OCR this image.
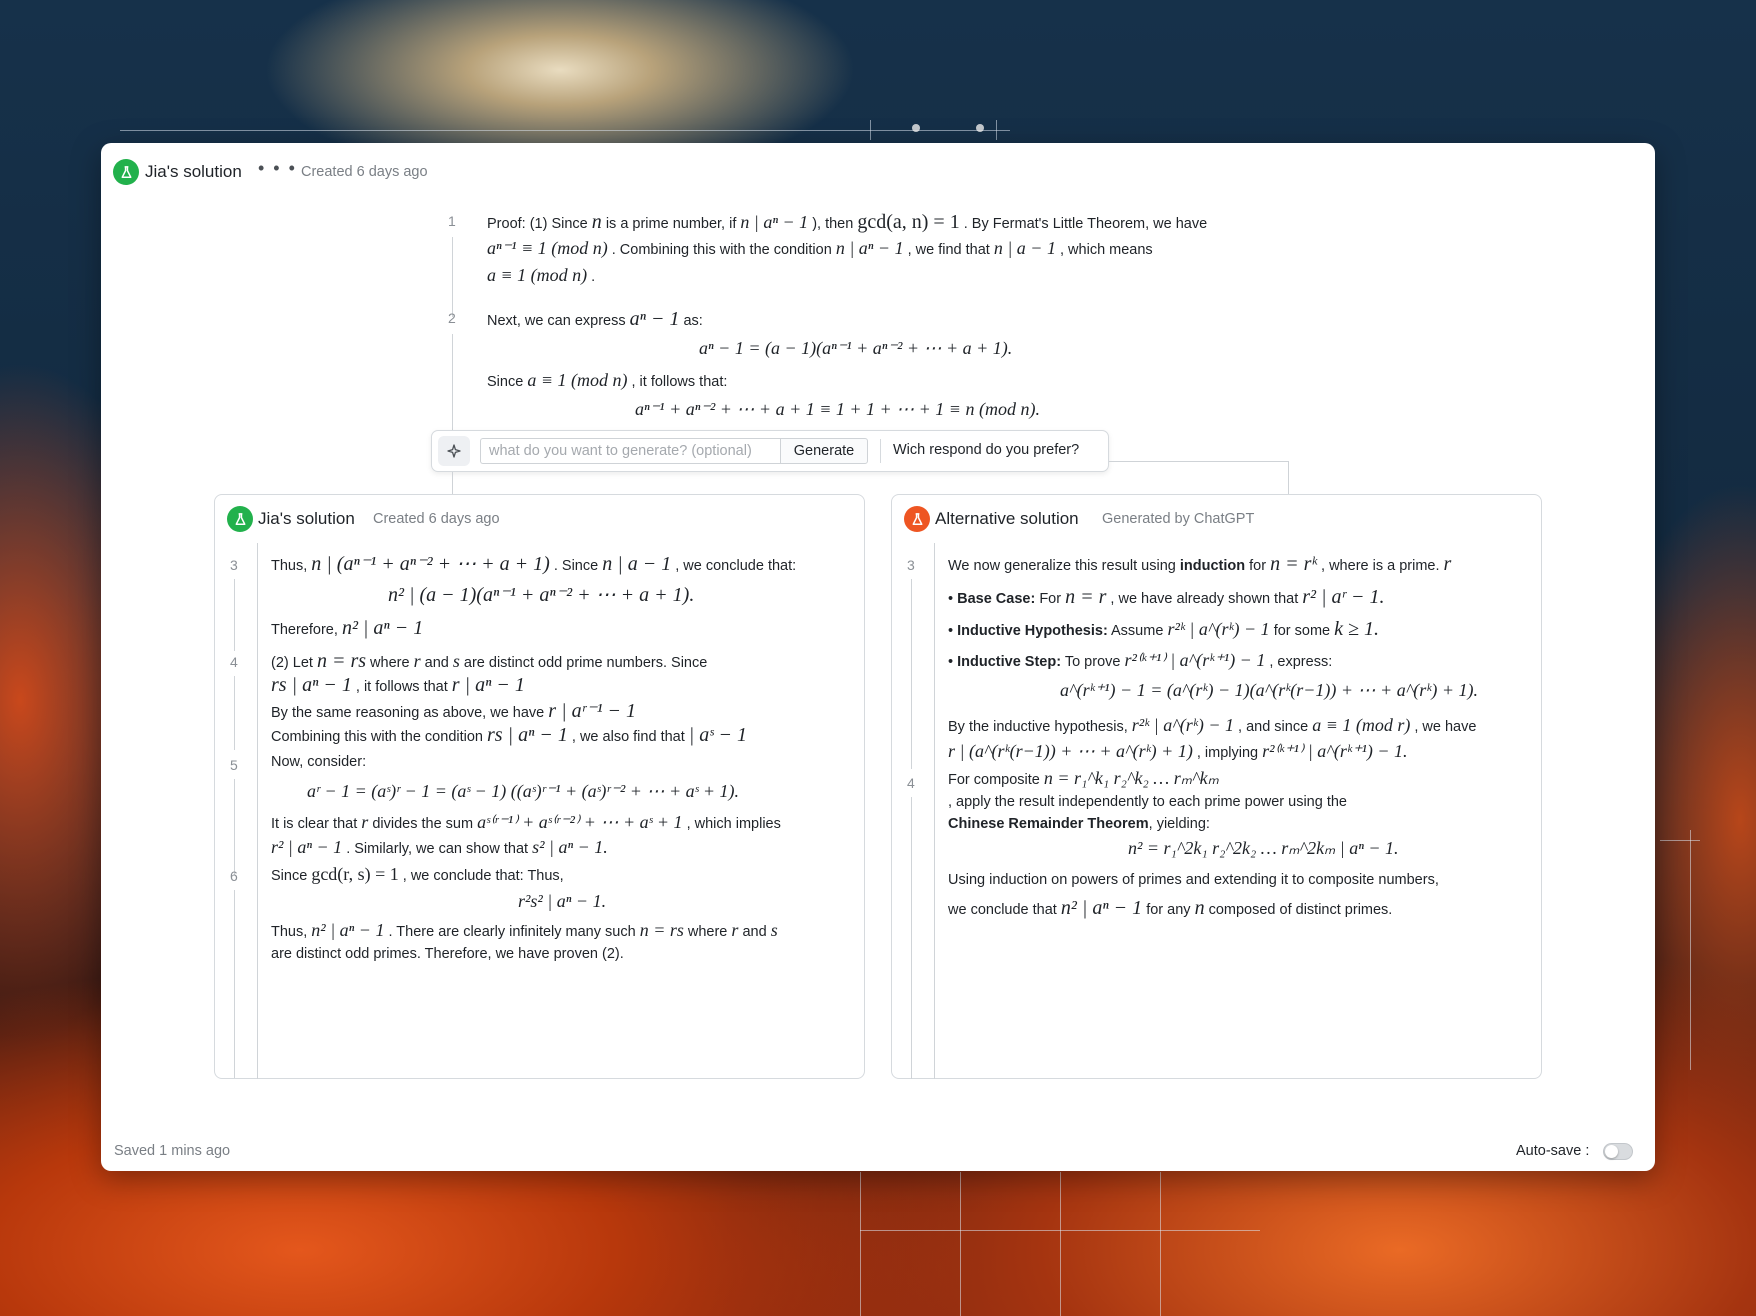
Jia's solution • • • Created 6 days ago
1 Proof: (1) Since n is a prime number, if n | aⁿ − 1 ), then gcd(a, n) = 1 . By Fermat's Little Theorem, we have
aⁿ⁻¹ ≡ 1 (mod n) . Combining this with the condition n | aⁿ − 1 , we find that n | a − 1 , which means
a ≡ 1 (mod n) .
2 Next, we can express aⁿ − 1 as:
aⁿ − 1 = (a − 1)(aⁿ⁻¹ + aⁿ⁻² + ⋯ + a + 1).
Since a ≡ 1 (mod n) , it follows that:
aⁿ⁻¹ + aⁿ⁻² + ⋯ + a + 1 ≡ 1 + 1 + ⋯ + 1 ≡ n (mod n).
what do you want to generate? (optional)
Generate	Wich respond do you prefer?
Jia's solution Created 6 days ago
3 Thus, n | (aⁿ⁻¹ + aⁿ⁻² + ⋯ + a + 1) . Since n | a − 1 , we conclude that:
n² | (a − 1)(aⁿ⁻¹ + aⁿ⁻² + ⋯ + a + 1).
Therefore, n² | aⁿ − 1
4 (2) Let n = rs where r and s are distinct odd prime numbers. Since
rs | aⁿ − 1 , it follows that r | aⁿ − 1
By the same reasoning as above, we have r | aʳ⁻¹ − 1
Combining this with the condition rs | aⁿ − 1 , we also find that | aˢ − 1
5 Now, consider:
aʳ − 1 = (aˢ)ʳ − 1 = (aˢ − 1) ((aˢ)ʳ⁻¹ + (aˢ)ʳ⁻² + ⋯ + aˢ + 1).
It is clear that r divides the sum aˢ⁽ʳ⁻¹⁾ + aˢ⁽ʳ⁻²⁾ + ⋯ + aˢ + 1 , which implies
r² | aⁿ − 1 . Similarly, we can show that s² | aⁿ − 1.
6 Since gcd(r, s) = 1 , we conclude that: Thus,
r²s² | aⁿ − 1.
Thus, n² | aⁿ − 1 . There are clearly infinitely many such n = rs where r and s
are distinct odd primes. Therefore, we have proven (2).
Alternative solution Generated by ChatGPT
3 We now generalize this result using induction for n = rᵏ , where is a prime. r
• Base Case: For n = r , we have already shown that r² | aʳ − 1.
• Inductive Hypothesis: Assume r²ᵏ | a^(rᵏ) − 1 for some k ≥ 1.
• Inductive Step: To prove r²⁽ᵏ⁺¹⁾ | a^(rᵏ⁺¹) − 1 , express:
a^(rᵏ⁺¹) − 1 = (a^(rᵏ) − 1)(a^(rᵏ(r−1)) + ⋯ + a^(rᵏ) + 1).
By the inductive hypothesis, r²ᵏ | a^(rᵏ) − 1 , and since a ≡ 1 (mod r) , we have
r | (a^(rᵏ(r−1)) + ⋯ + a^(rᵏ) + 1) , implying r²⁽ᵏ⁺¹⁾ | a^(rᵏ⁺¹) − 1.
4 For composite n = r₁^k₁ r₂^k₂ … rₘ^kₘ
, apply the result independently to each prime power using the
Chinese Remainder Theorem, yielding:
n² = r₁^2k₁ r₂^2k₂ … rₘ^2kₘ | aⁿ − 1.
Using induction on powers of primes and extending it to composite numbers,
we conclude that n² | aⁿ − 1 for any n composed of distinct primes.
Saved 1 mins ago	Auto-save :
